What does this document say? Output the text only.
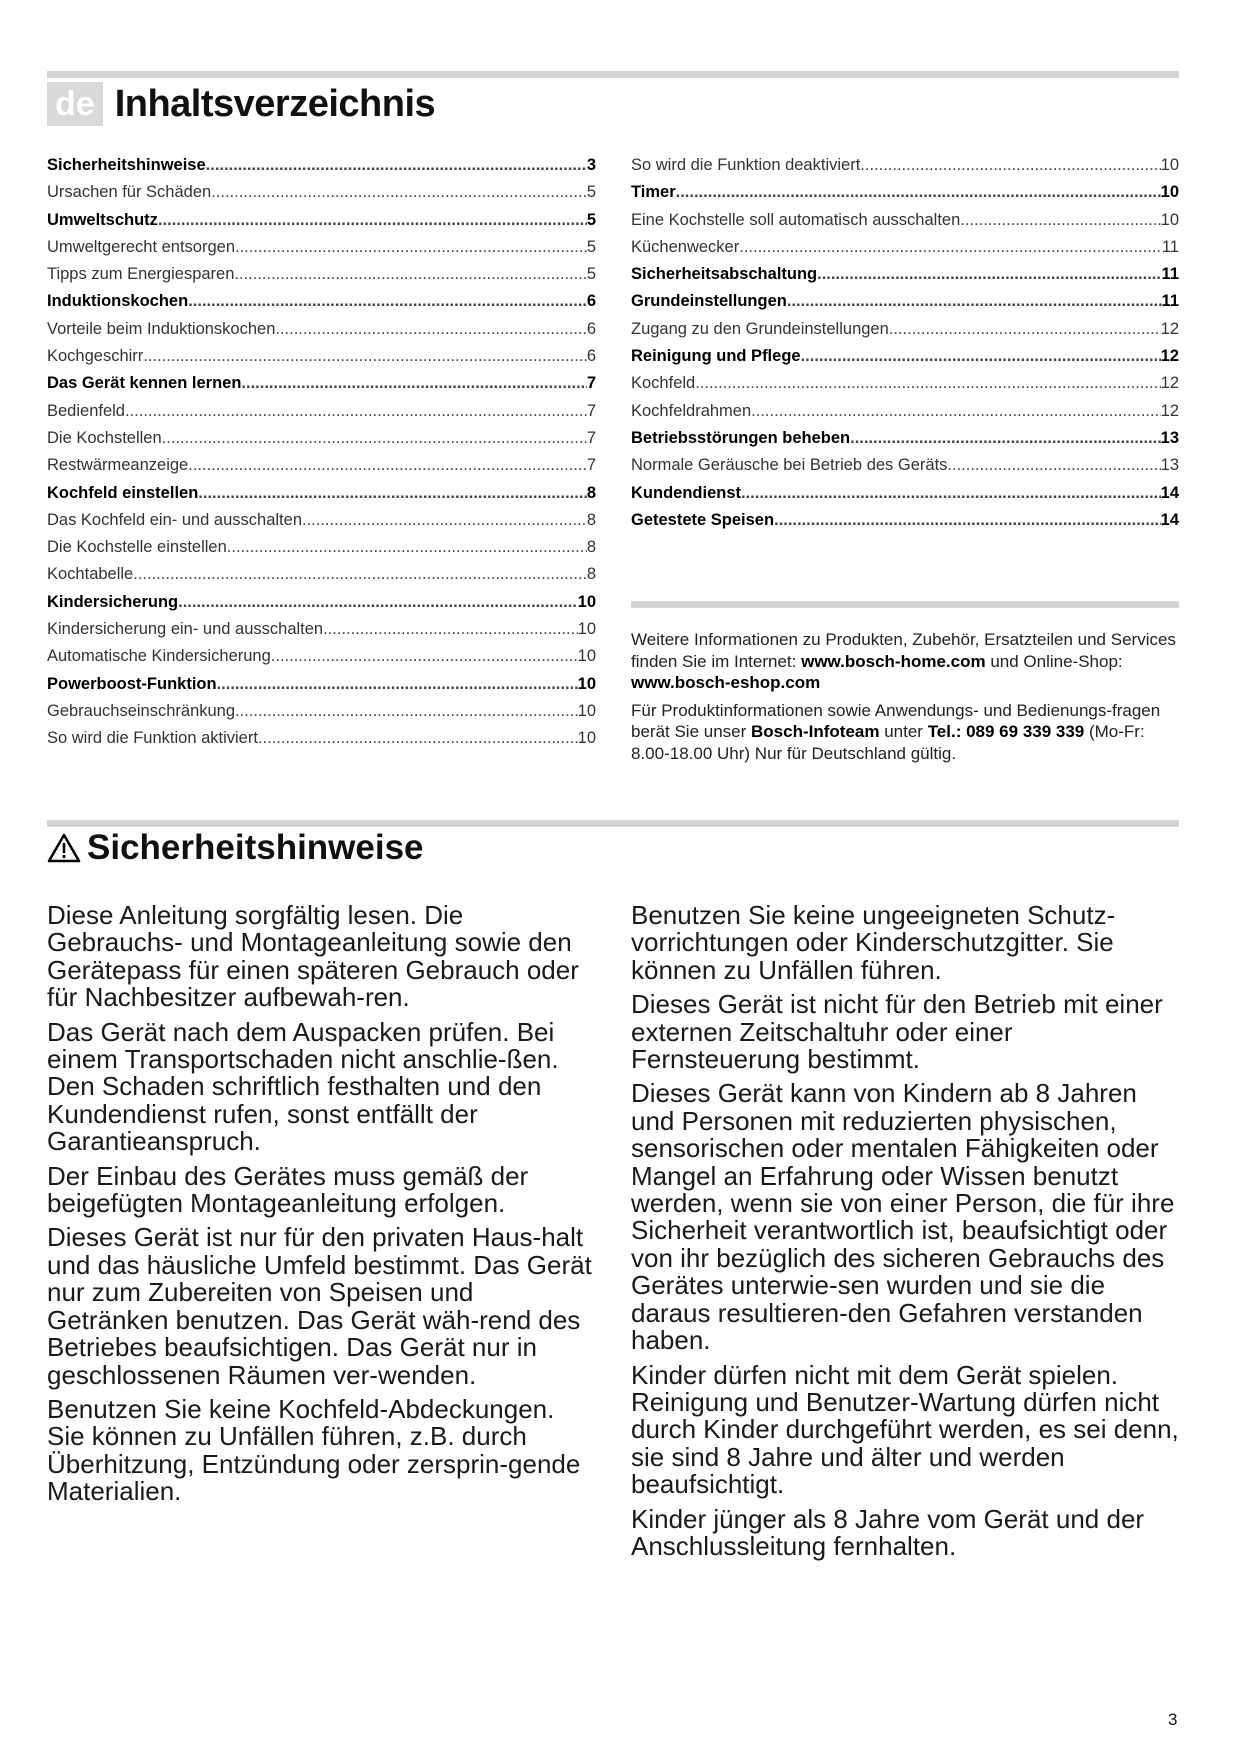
de Inhaltsverzeichnis
Sicherheitshinweise .....	3
Ursachen für Schäden .....	5
Umweltschutz .....	5
Umweltgerecht entsorgen .....	5
Tipps zum Energiesparen .....	5
Induktionskochen .....	6
Vorteile beim Induktionskochen .....	6
Kochgeschirr .....	6
Das Gerät kennen lernen .....	7
Bedienfeld .....	7
Die Kochstellen .....	7
Restwärmeanzeige .....	7
Kochfeld einstellen .....	8
Das Kochfeld ein- und ausschalten .....	8
Die Kochstelle einstellen .....	8
Kochtabelle .....	8
Kindersicherung .....	10
Kindersicherung ein- und ausschalten .....	10
Automatische Kindersicherung .....	10
Powerboost-Funktion .....	10
Gebrauchseinschränkung .....	10
So wird die Funktion aktiviert .....	10
So wird die Funktion deaktiviert .....	10
Timer .....	10
Eine Kochstelle soll automatisch ausschalten .....	10
Küchenwecker .....	11
Sicherheitsabschaltung .....	11
Grundeinstellungen .....	11
Zugang zu den Grundeinstellungen .....	12
Reinigung und Pflege .....	12
Kochfeld .....	12
Kochfeldrahmen .....	12
Betriebsstörungen beheben .....	13
Normale Geräusche bei Betrieb des Geräts .....	13
Kundendienst .....	14
Getestete Speisen .....	14

Weitere Informationen zu Produkten, Zubehör, Ersatzteilen und Services finden Sie im Internet: www.bosch-home.com und Online-Shop: www.bosch-eshop.com

Für Produktinformationen sowie Anwendungs- und Bedienungs-fragen berät Sie unser Bosch-Infoteam unter Tel.: 089 69 339 339 (Mo-Fr: 8.00-18.00 Uhr) Nur für Deutschland gültig.

Sicherheitshinweise

Diese Anleitung sorgfältig lesen. Die Gebrauchs- und Montageanleitung sowie den Gerätepass für einen späteren Gebrauch oder für Nachbesitzer aufbewah-ren.

Das Gerät nach dem Auspacken prüfen. Bei einem Transportschaden nicht anschlie-ßen. Den Schaden schriftlich festhalten und den Kundendienst rufen, sonst entfällt der Garantieanspruch.

Der Einbau des Gerätes muss gemäß der beigefügten Montageanleitung erfolgen.

Dieses Gerät ist nur für den privaten Haus-halt und das häusliche Umfeld bestimmt. Das Gerät nur zum Zubereiten von Speisen und Getränken benutzen. Das Gerät wäh-rend des Betriebes beaufsichtigen. Das Gerät nur in geschlossenen Räumen ver-wenden.

Benutzen Sie keine Kochfeld-Abdeckungen. Sie können zu Unfällen führen, z.B. durch Überhitzung, Entzündung oder zersprin-gende Materialien.

Benutzen Sie keine ungeeigneten Schutz-vorrichtungen oder Kinderschutzgitter. Sie können zu Unfällen führen.

Dieses Gerät ist nicht für den Betrieb mit einer externen Zeitschaltuhr oder einer Fernsteuerung bestimmt.

Dieses Gerät kann von Kindern ab 8 Jahren und Personen mit reduzierten physischen, sensorischen oder mentalen Fähigkeiten oder Mangel an Erfahrung oder Wissen benutzt werden, wenn sie von einer Person, die für ihre Sicherheit verantwortlich ist, beaufsichtigt oder von ihr bezüglich des sicheren Gebrauchs des Gerätes unterwie-sen wurden und sie die daraus resultieren-den Gefahren verstanden haben.

Kinder dürfen nicht mit dem Gerät spielen. Reinigung und Benutzer-Wartung dürfen nicht durch Kinder durchgeführt werden, es sei denn, sie sind 8 Jahre und älter und werden beaufsichtigt.

Kinder jünger als 8 Jahre vom Gerät und der Anschlussleitung fernhalten.

3
